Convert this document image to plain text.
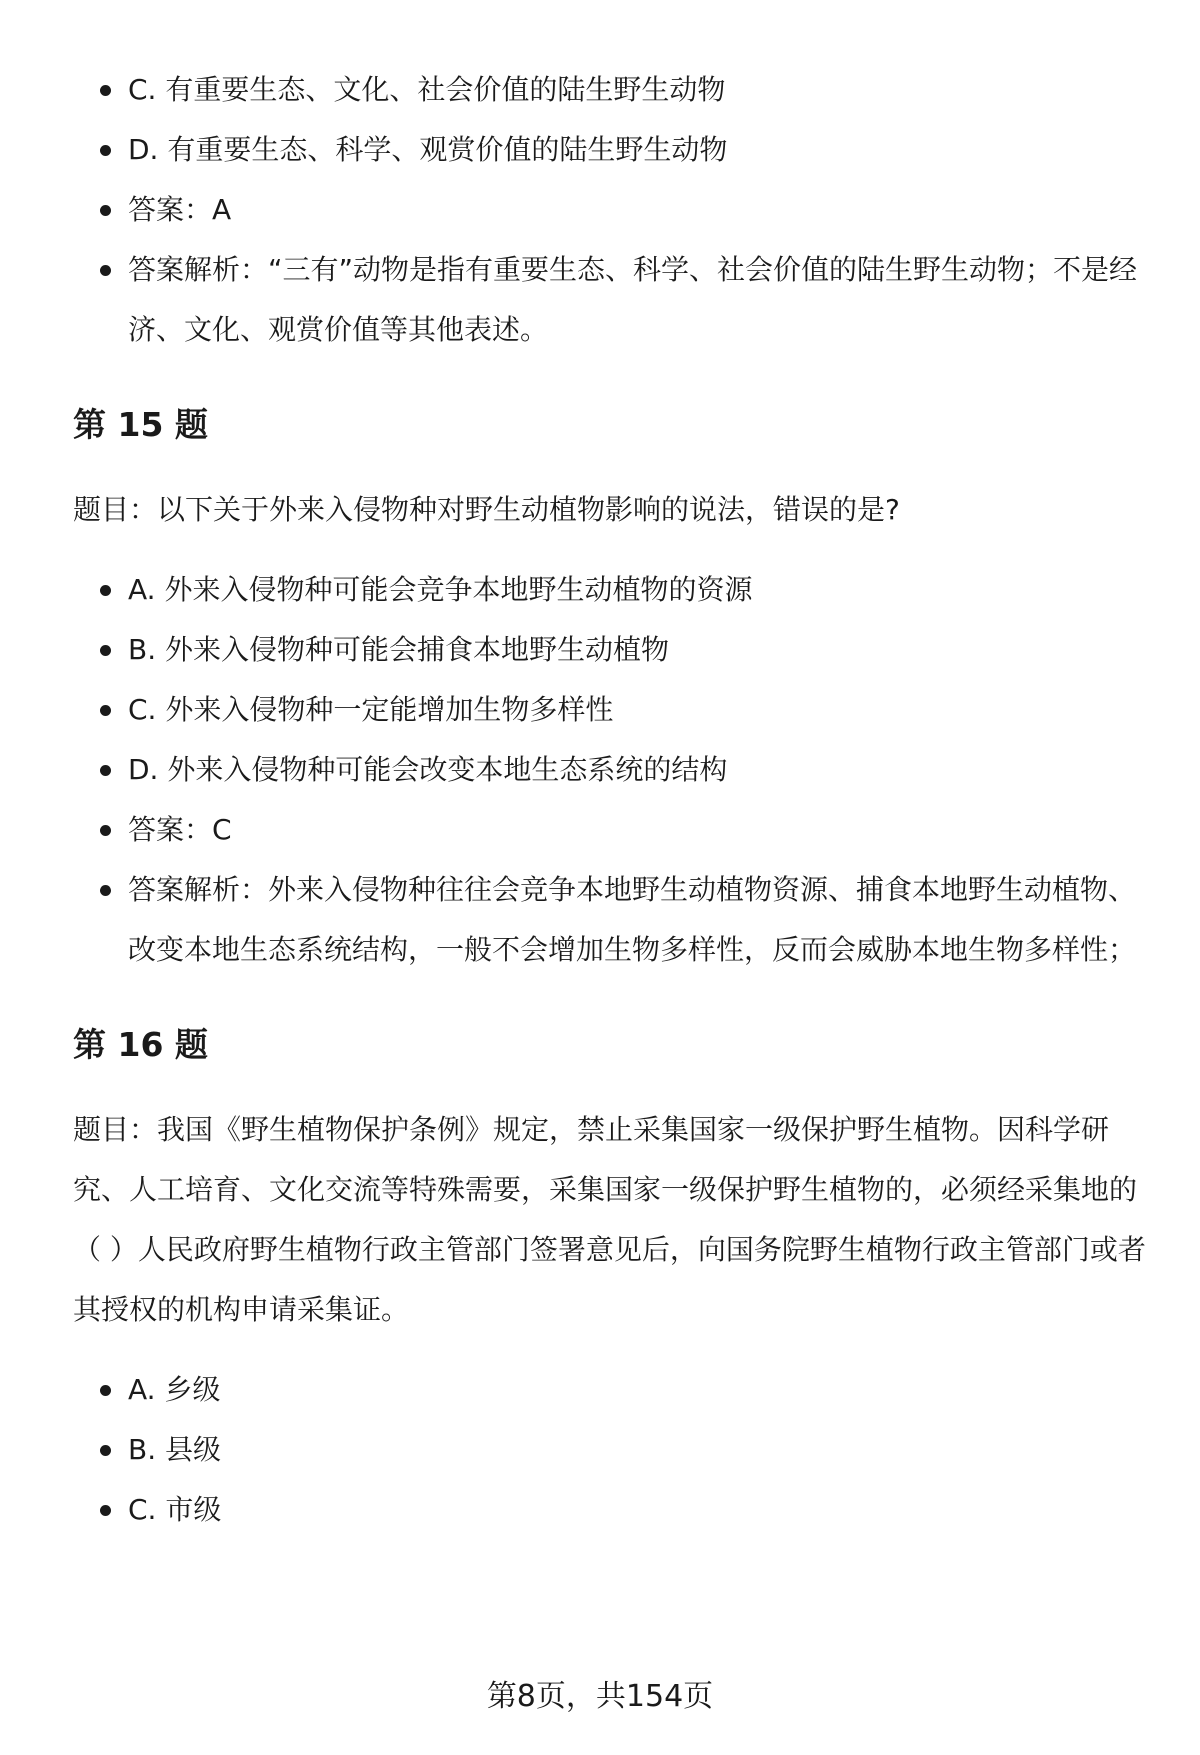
C. 有重要生态、文化、社会价值的陆生野生动物
D. 有重要生态、科学、观赏价值的陆生野生动物
答案：A
答案解析：“三有”动物是指有重要生态、科学、社会价值的陆生野生动物；不是经济、文化、观赏价值等其他表述。
第 15 题

题目：以下关于外来入侵物种对野生动植物影响的说法，错误的是?

A. 外来入侵物种可能会竞争本地野生动植物的资源
B. 外来入侵物种可能会捕食本地野生动植物
C. 外来入侵物种一定能增加生物多样性
D. 外来入侵物种可能会改变本地生态系统的结构
答案：C
答案解析：外来入侵物种往往会竞争本地野生动植物资源、捕食本地野生动植物、改变本地生态系统结构，一般不会增加生物多样性，反而会威胁本地生物多样性；
第 16 题

题目：我国《野生植物保护条例》规定，禁止采集国家一级保护野生植物。因科学研究、人工培育、文化交流等特殊需要，采集国家一级保护野生植物的，必须经采集地的（ ）人民政府野生植物行政主管部门签署意见后，向国务院野生植物行政主管部门或者其授权的机构申请采集证。

A. 乡级
B. 县级
C. 市级
第8页，共154页
